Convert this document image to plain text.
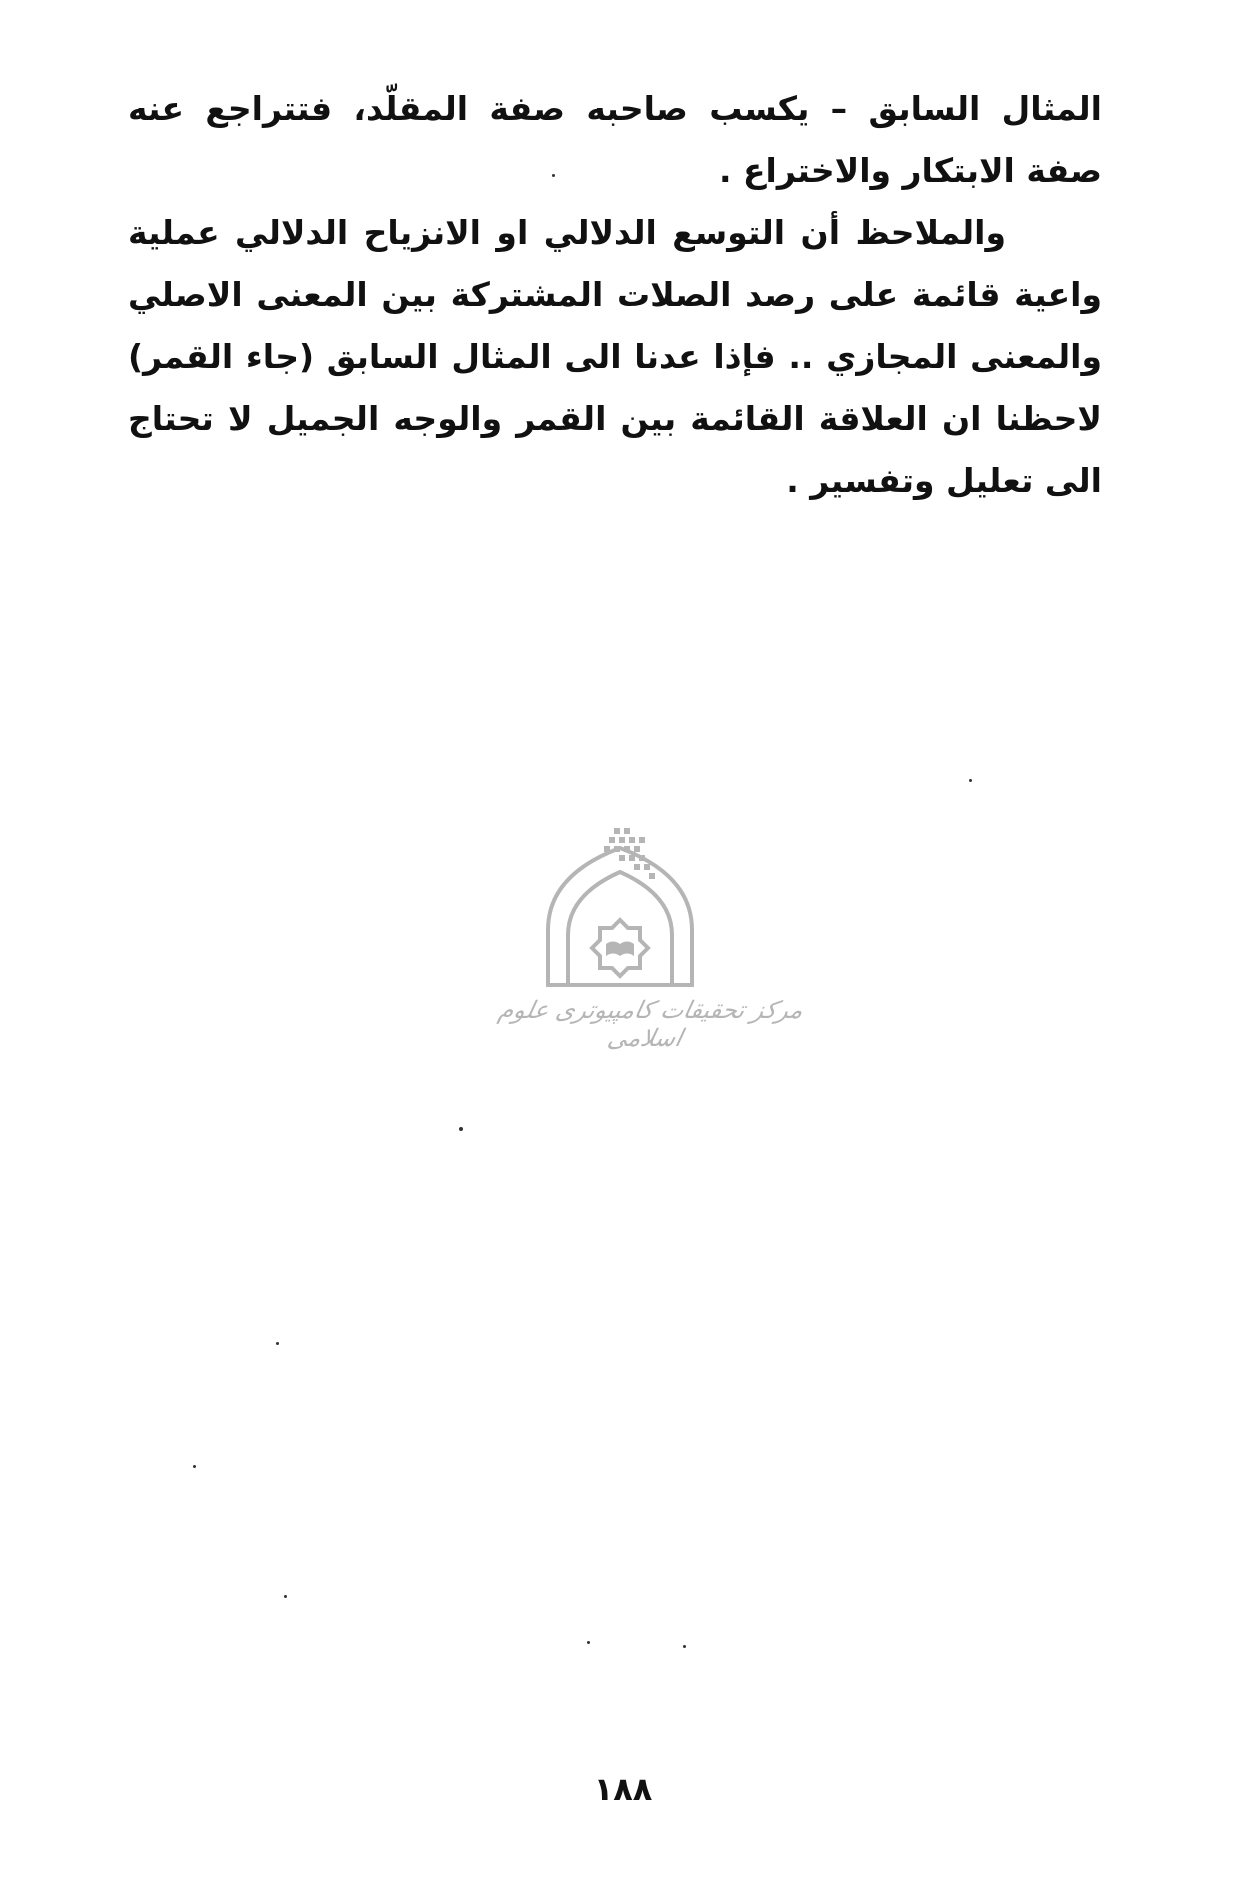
المثال السابق – يكسب صاحبه صفة المقلّد، فتتراجع عنه صفة الابتكار والاختراع .

والملاحظ أن التوسع الدلالي او الانزياح الدلالي عملية واعية قائمة على رصد الصلات المشتركة بين المعنى الاصلي والمعنى المجازي .. فإذا عدنا الى المثال السابق (جاء القمر) لاحظنا ان العلاقة القائمة بين القمر والوجه الجميل لا تحتاج الى تعليل وتفسير .

مرکز تحقیقات کامپیوتری علوم اسلامی
١٨٨
